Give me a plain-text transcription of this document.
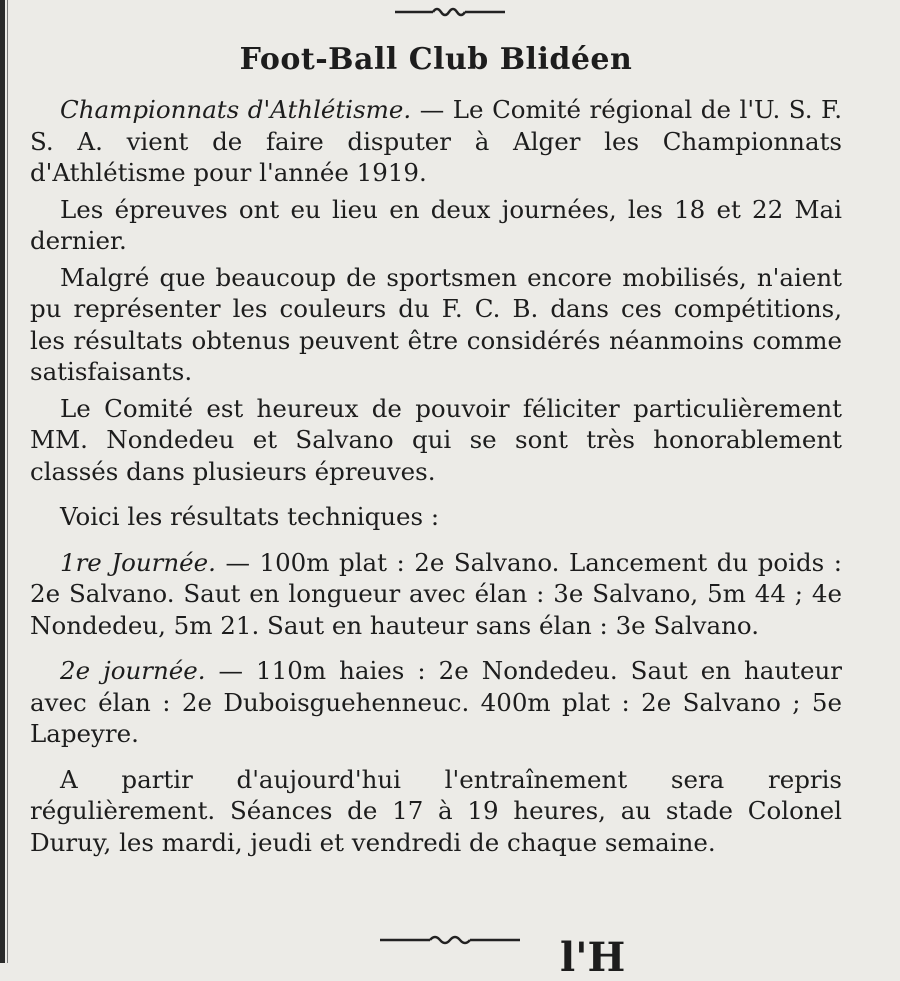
Foot-Ball Club Blidéen

Championnats d'Athlétisme. — Le Comité régional de l'U. S. F. S. A. vient de faire disputer à Alger les Championnats d'Athlétisme pour l'année 1919.

Les épreuves ont eu lieu en deux journées, les 18 et 22 Mai dernier.

Malgré que beaucoup de sportsmen encore mobilisés, n'aient pu représenter les couleurs du F. C. B. dans ces compétitions, les résultats obtenus peuvent être considérés néanmoins comme satisfaisants.

Le Comité est heureux de pouvoir féliciter particulièrement MM. Nondedeu et Salvano qui se sont très honorablement classés dans plusieurs épreuves.

Voici les résultats techniques :

1re Journée. — 100m plat : 2e Salvano. Lancement du poids : 2e Salvano. Saut en longueur avec élan : 3e Salvano, 5m 44 ; 4e Nondedeu, 5m 21. Saut en hauteur sans élan : 3e Salvano.

2e journée. — 110m haies : 2e Nondedeu. Saut en hauteur avec élan : 2e Duboisguehenneuc. 400m plat : 2e Salvano ; 5e Lapeyre.

A partir d'aujourd'hui l'entraînement sera repris régulièrement. Séances de 17 à 19 heures, au stade Colonel Duruy, les mardi, jeudi et vendredi de chaque semaine.

l'H
